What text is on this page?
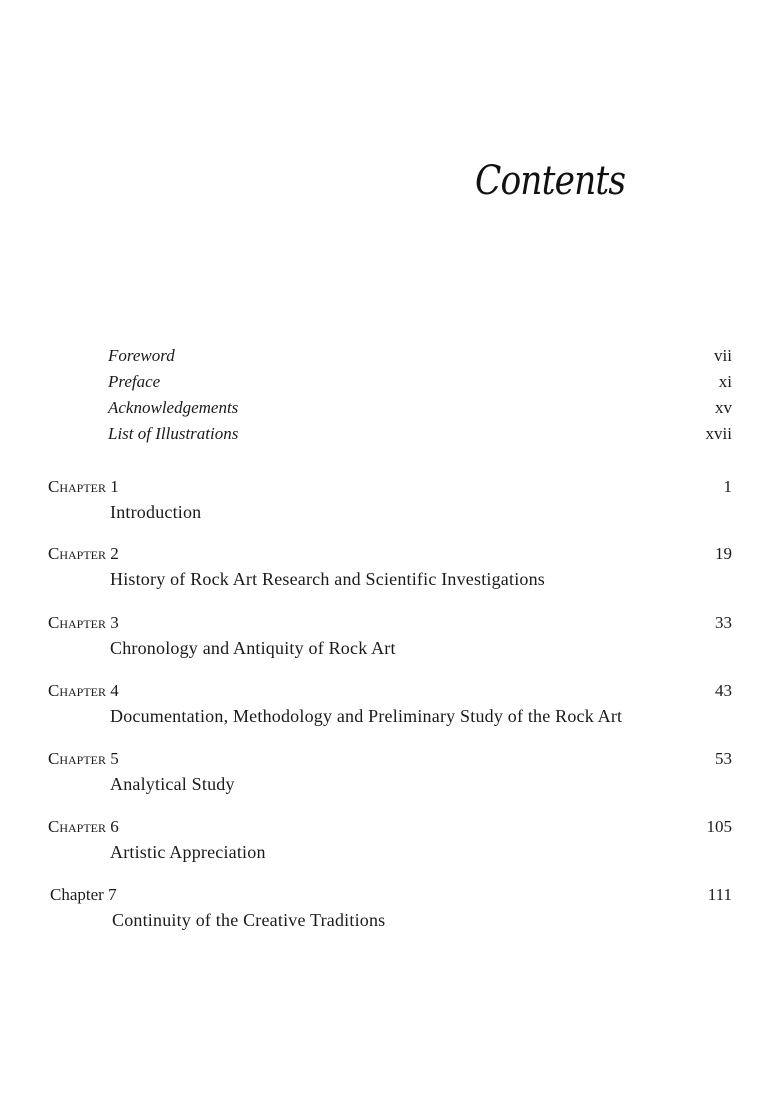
Contents
Foreword	vii
Preface	xi
Acknowledgements	xv
List of Illustrations	xvii
Chapter 1	1
Introduction
Chapter 2	19
History of Rock Art Research and Scientific Investigations
Chapter 3	33
Chronology and Antiquity of Rock Art
Chapter 4	43
Documentation, Methodology and Preliminary Study of the Rock Art
Chapter 5	53
Analytical Study
Chapter 6	105
Artistic Appreciation
Chapter 7	111
Continuity of the Creative Traditions
